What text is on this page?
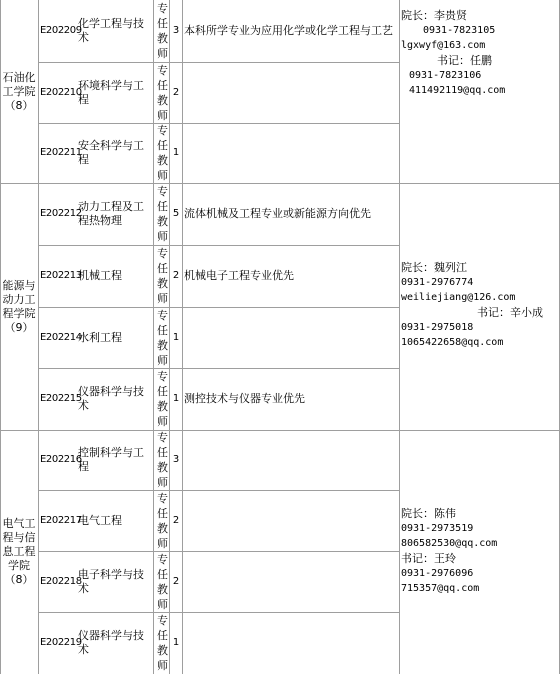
石油化工学院（8）
E202209
化学工程与技术
专任教师
3 本科所学专业为应用化学或化学工程与工艺
E202210
环境科学与工程
专任教师
2
E202211
安全科学与工程
专任教师
1
院长：李贵贤
0931-7823105
lgxwyf@163.com
书记：任鹏
0931-7823106
411492119@qq.com
能源与动力工程学院（9）
E202212
动力工程及工程热物理
专任教师
5 流体机械及工程专业或新能源方向优先
E202213
机械工程
专任教师
2 机械电子工程专业优先
E202214
水利工程
专任教师
1
E202215
仪器科学与技术
专任教师
1 测控技术与仪器专业优先
院长：魏列江
0931-2976774
weiliejiang@126.com
书记：辛小成
0931-2975018
1065422658@qq.com
电气工程与信息工程学院（8）
E202216
控制科学与工程
专任教师
3
E202217
电气工程
专任教师
2
E202218
电子科学与技术
专任教师
2
E202219
仪器科学与技术
专任教师
1
院长：陈伟
0931-2973519
806582530@qq.com
书记：王玲
0931-2976096
715357@qq.com
